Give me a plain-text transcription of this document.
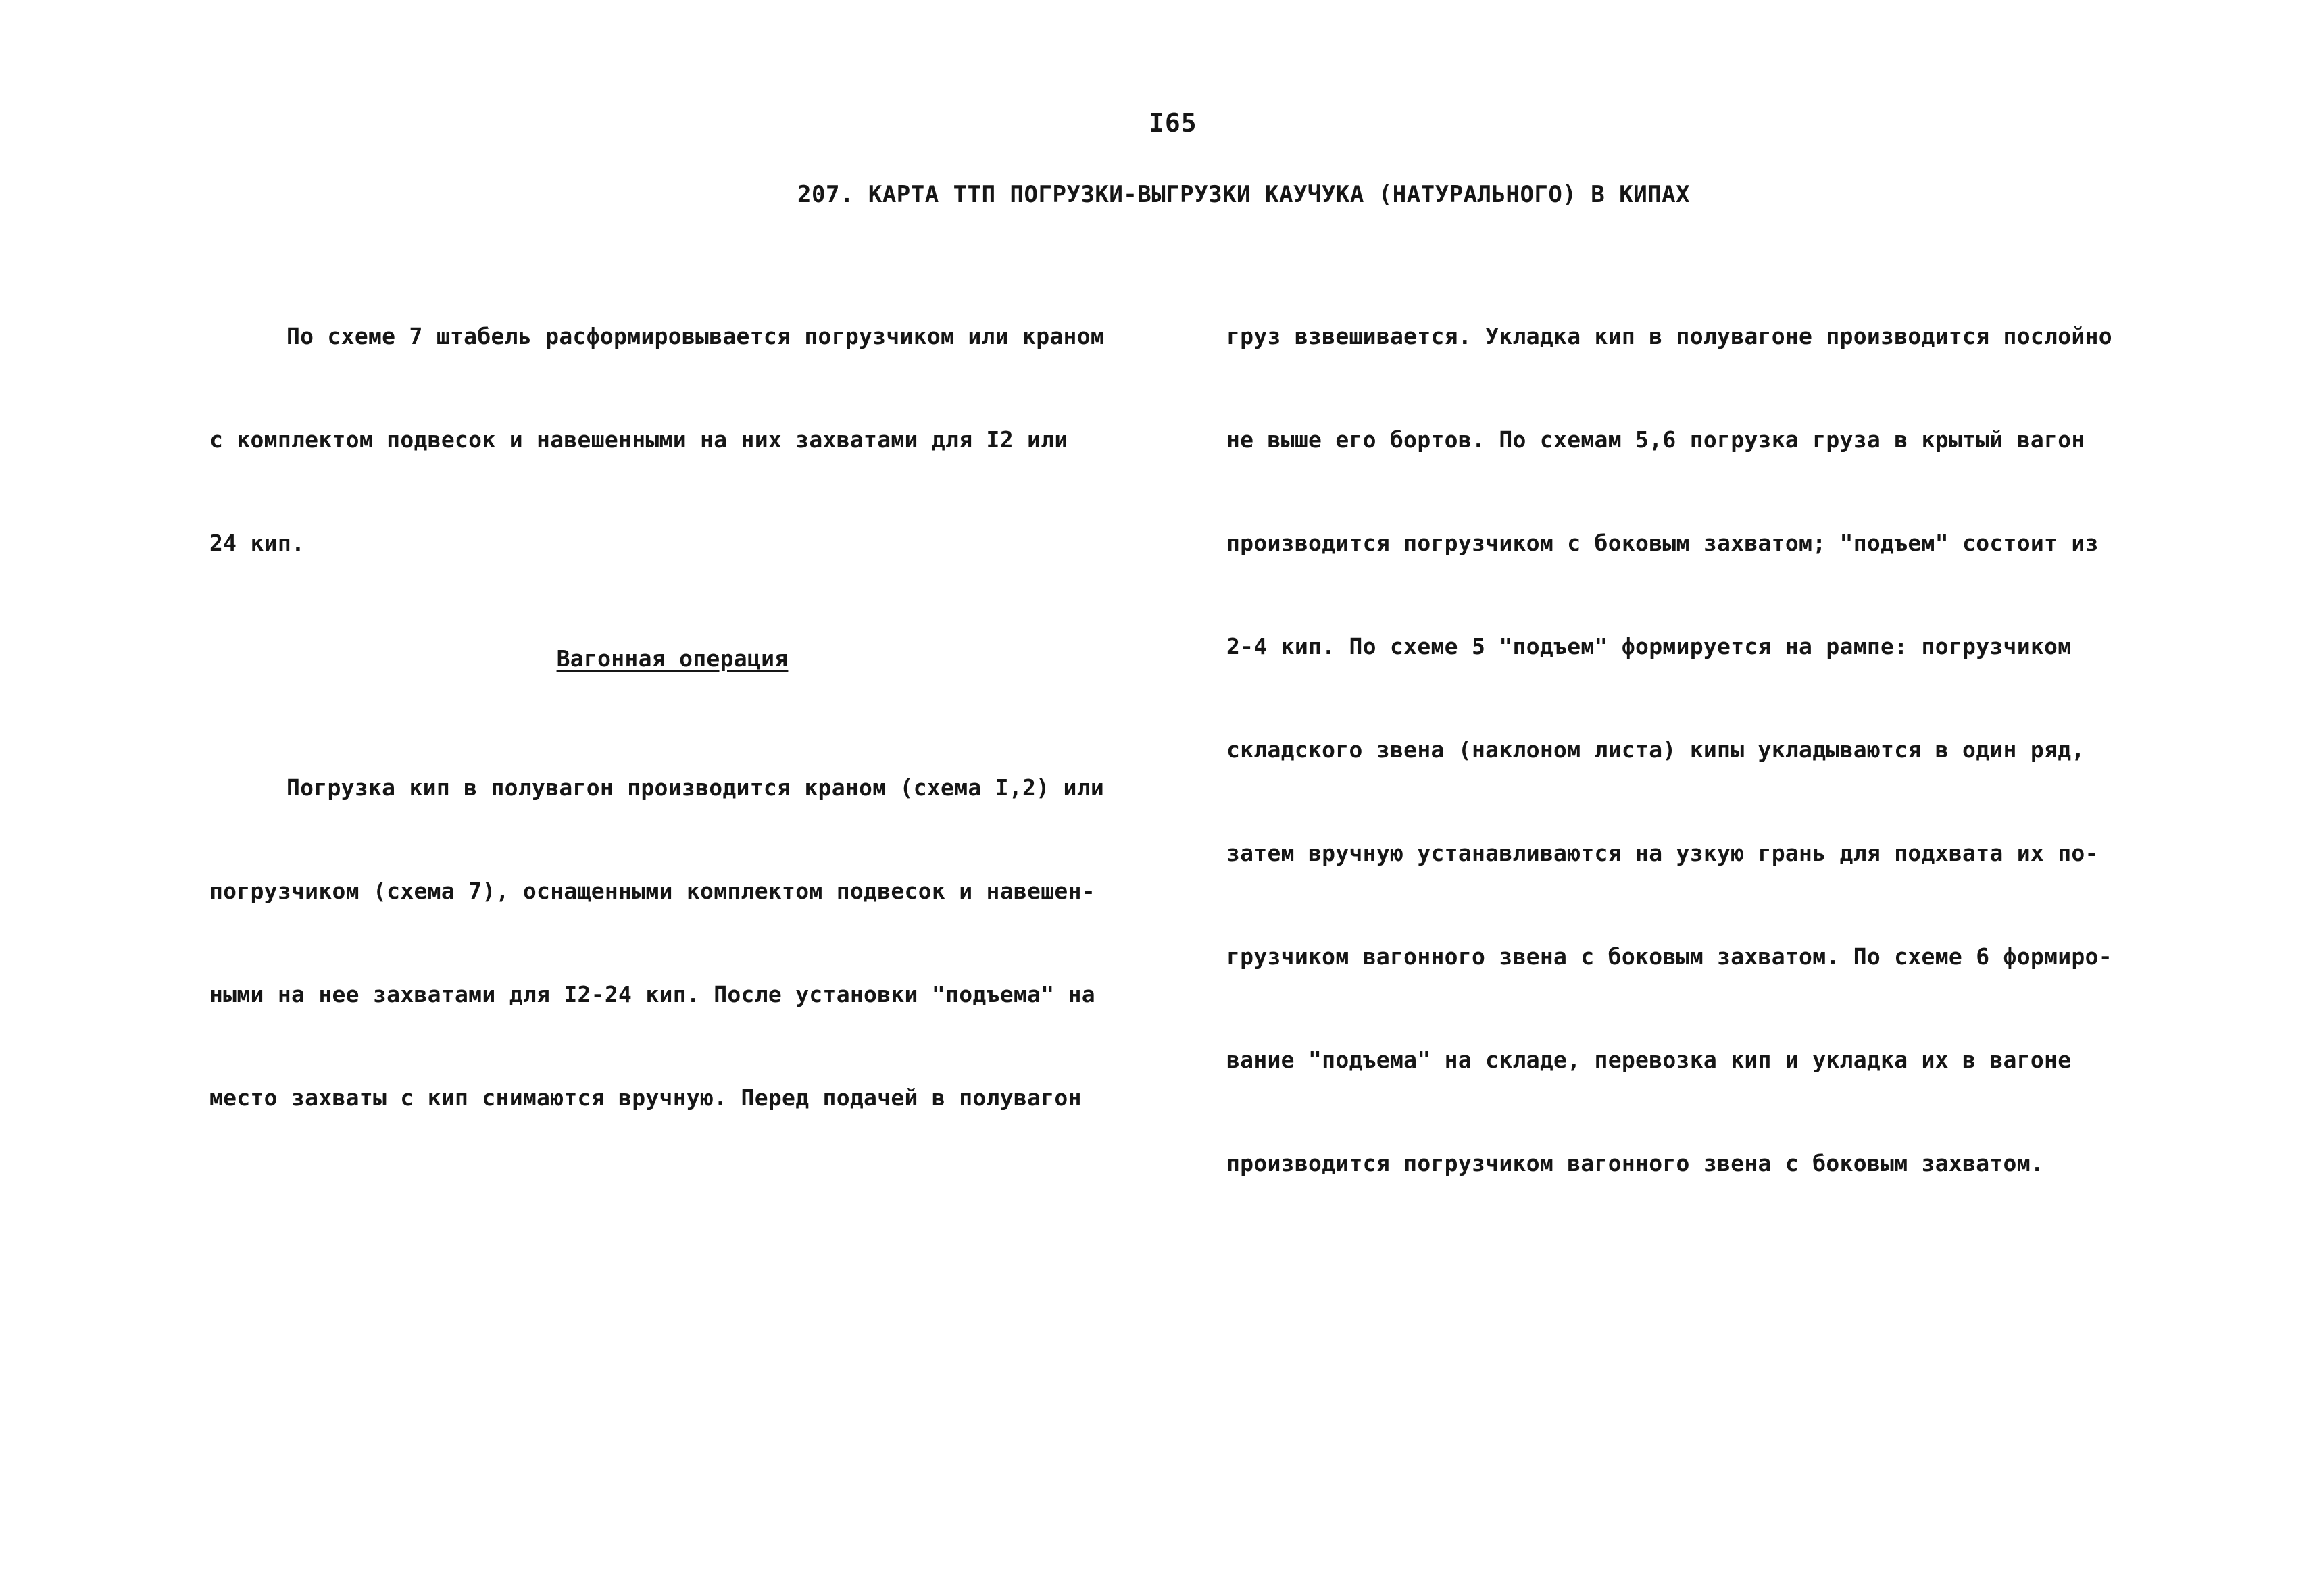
I65
207. КАРТА ТТП ПОГРУЗКИ-ВЫГРУЗКИ КАУЧУКА (НАТУРАЛЬНОГО) В КИПАХ

По схеме 7 штабель расформировывается погрузчиком или краном

с комплектом подвесок и навешенными на них захватами для I2 или

24 кип.

Вагонная операция

Погрузка кип в полувагон производится краном (схема I,2) или

погрузчиком (схема 7), оснащенными комплектом подвесок и навешен-

ными на нее захватами для I2-24 кип. После установки "подъема" на

место захваты с кип снимаются вручную. Перед подачей в полувагон

груз взвешивается. Укладка кип в полувагоне производится послойно

не выше его бортов. По схемам 5,6 погрузка груза в крытый вагон

производится погрузчиком с боковым захватом; "подъем" состоит из

2-4 кип. По схеме 5 "подъем" формируется на рампе: погрузчиком

складского звена (наклоном листа) кипы укладываются в один ряд,

затем вручную устанавливаются на узкую грань для подхвата их по-

грузчиком вагонного звена с боковым захватом. По схеме 6 формиро-

вание "подъема" на складе, перевозка кип и укладка их в вагоне

производится погрузчиком вагонного звена с боковым захватом.
